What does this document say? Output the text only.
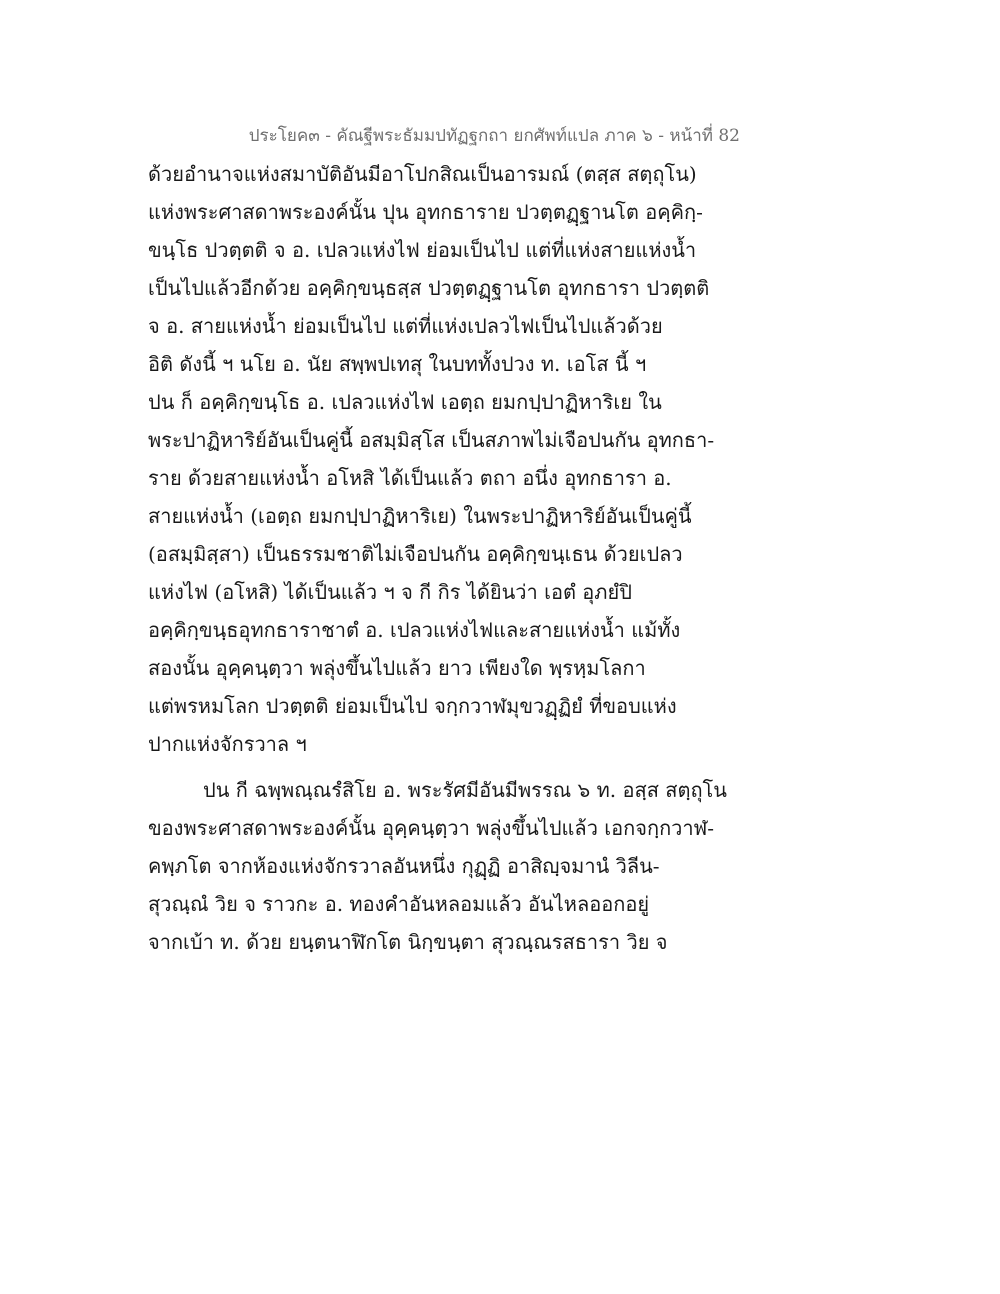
ประโยค๓ - คัณฐีพระธัมมปทัฏฐกถา ยกศัพท์แปล ภาค ๖ - หน้าที่ 82
ด้วยอำนาจแห่งสมาบัติอันมีอาโปกสิณเป็นอารมณ์ (ตสฺส สตฺถุโน)
แห่งพระศาสดาพระองค์นั้น ปุน อุทกธาราย ปวตฺตฏฺฐานโต อคฺคิกฺ-
ขนฺโธ ปวตฺตติ จ อ. เปลวแห่งไฟ ย่อมเป็นไป แต่ที่แห่งสายแห่งน้ำ
เป็นไปแล้วอีกด้วย อคฺคิกฺขนฺธสฺส ปวตฺตฏฺฐานโต อุทกธารา ปวตฺตติ
จ อ. สายแห่งน้ำ ย่อมเป็นไป แต่ที่แห่งเปลวไฟเป็นไปแล้วด้วย
อิติ ดังนี้ ฯ นโย อ. นัย สพฺพปเทสุ ในบททั้งปวง ท. เอโส นี้ ฯ
ปน ก็ อคฺคิกฺขนฺโธ อ. เปลวแห่งไฟ เอตฺถ ยมกปฺปาฏิหาริเย ใน
พระปาฏิหาริย์อันเป็นคู่นี้ อสมฺมิสฺโส เป็นสภาพไม่เจือปนกัน อุทกธา-
ราย ด้วยสายแห่งน้ำ อโหสิ ได้เป็นแล้ว ตถา อนึ่ง อุทกธารา อ.
สายแห่งน้ำ (เอตฺถ ยมกปฺปาฏิหาริเย) ในพระปาฏิหาริย์อันเป็นคู่นี้
(อสมฺมิสฺสา) เป็นธรรมชาติไม่เจือปนกัน อคฺคิกฺขนฺเธน ด้วยเปลว
แห่งไฟ (อโหสิ) ได้เป็นแล้ว ฯ จ กี กิร ได้ยินว่า เอตํ อุภยํปิ
อคฺคิกฺขนฺธอุทกธาราชาตํ อ. เปลวแห่งไฟและสายแห่งน้ำ แม้ทั้ง
สองนั้น อุคฺคนฺตฺวา พลุ่งขึ้นไปแล้ว ยาว เพียงใด พฺรหฺมโลกา
แต่พรหมโลก ปวตฺตติ ย่อมเป็นไป จกฺกวาฬมุขวฏฺฏิยํ ที่ขอบแห่ง
ปากแห่งจักรวาล ฯ
ปน กี ฉพฺพณฺณรํสิโย อ. พระรัศมีอันมีพรรณ ๖ ท. อสฺส สตฺถุโน
ของพระศาสดาพระองค์นั้น อุคฺคนฺตฺวา พลุ่งขึ้นไปแล้ว เอกจกฺกวาฬ-
คพฺภโต จากห้องแห่งจักรวาลอันหนึ่ง กุฏฺฏิ อาสิญฺจมานํ วิลีน-
สุวณฺณํ วิย จ ราวกะ อ. ทองคำอันหลอมแล้ว อันไหลออกอยู่
จากเบ้า ท. ด้วย ยนฺตนาฬิกโต นิกฺขนฺตา สุวณฺณรสธารา วิย จ
